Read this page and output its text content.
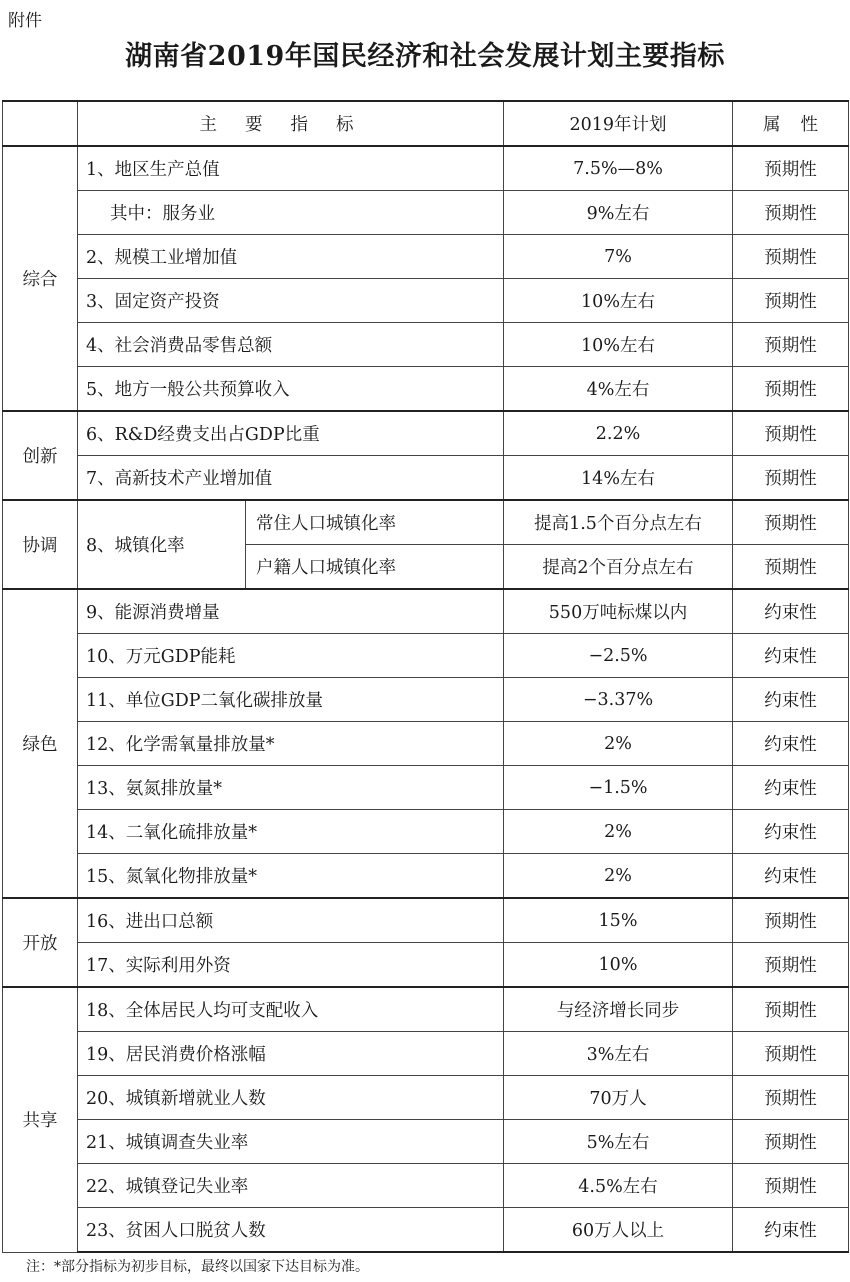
附件
湖南省2019年国民经济和社会发展计划主要指标
	主要指标		2019年计划	属性
综合	1、地区生产总值		7.5%—8%	预期性
	其中：服务业		9%左右	预期性
	2、规模工业增加值		7%	预期性
	3、固定资产投资		10%左右	预期性
	4、社会消费品零售总额		10%左右	预期性
	5、地方一般公共预算收入		4%左右	预期性
创新	6、R&D经费支出占GDP比重		2.2%	预期性
	7、高新技术产业增加值		14%左右	预期性
协调	8、城镇化率	常住人口城镇化率	提高1.5个百分点左右	预期性
		户籍人口城镇化率	提高2个百分点左右	预期性
绿色	9、能源消费增量		550万吨标煤以内	约束性
	10、万元GDP能耗		−2.5%	约束性
	11、单位GDP二氧化碳排放量		−3.37%	约束性
	12、化学需氧量排放量*		2%	约束性
	13、氨氮排放量*		−1.5%	约束性
	14、二氧化硫排放量*		2%	约束性
	15、氮氧化物排放量*		2%	约束性
开放	16、进出口总额		15%	预期性
	17、实际利用外资		10%	预期性
共享	18、全体居民人均可支配收入		与经济增长同步	预期性
	19、居民消费价格涨幅		3%左右	预期性
	20、城镇新增就业人数		70万人	预期性
	21、城镇调查失业率		5%左右	预期性
	22、城镇登记失业率		4.5%左右	预期性
	23、贫困人口脱贫人数		60万人以上	约束性
注：*部分指标为初步目标，最终以国家下达目标为准。
